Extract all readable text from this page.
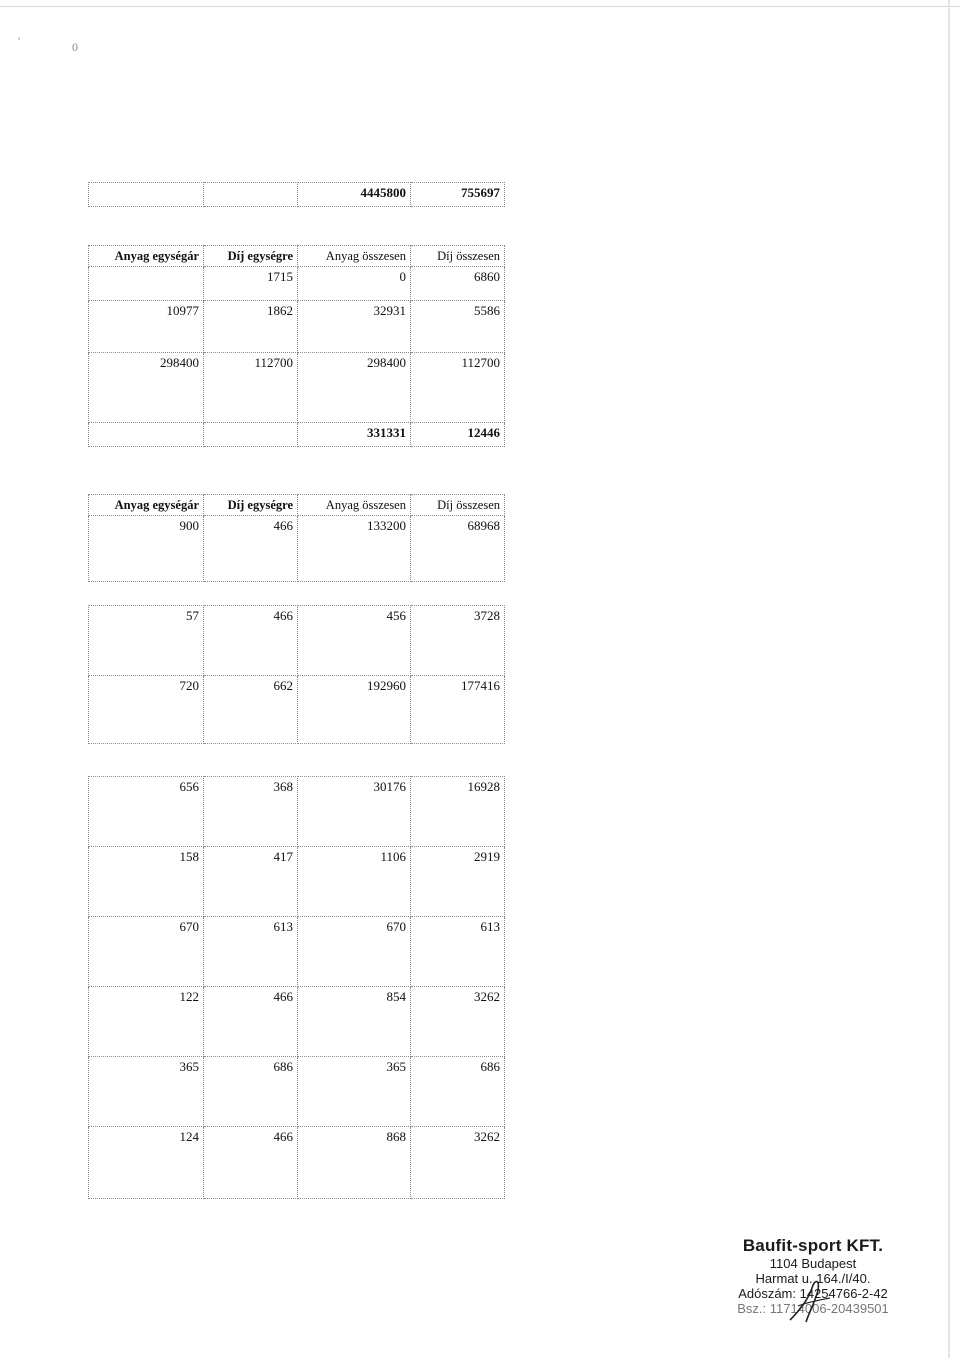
'	0
		4445800	755697
Anyag egységár	Díj egységre	Anyag összesen	Díj összesen
	1715	0	6860
10977	1862	32931	5586
298400	112700	298400	112700
		331331	12446
Anyag egységár	Díj egységre	Anyag összesen	Díj összesen
900	466	133200	68968
57	466	456	3728
720	662	192960	177416
656	368	30176	16928
158	417	1106	2919
670	613	670	613
122	466	854	3262
365	686	365	686
124	466	868	3262
Baufit-sport KFT.
1104 Budapest
Harmat u. 164./I/40.
Adószám: 14254766-2-42
Bsz.: 11714006-20439501
